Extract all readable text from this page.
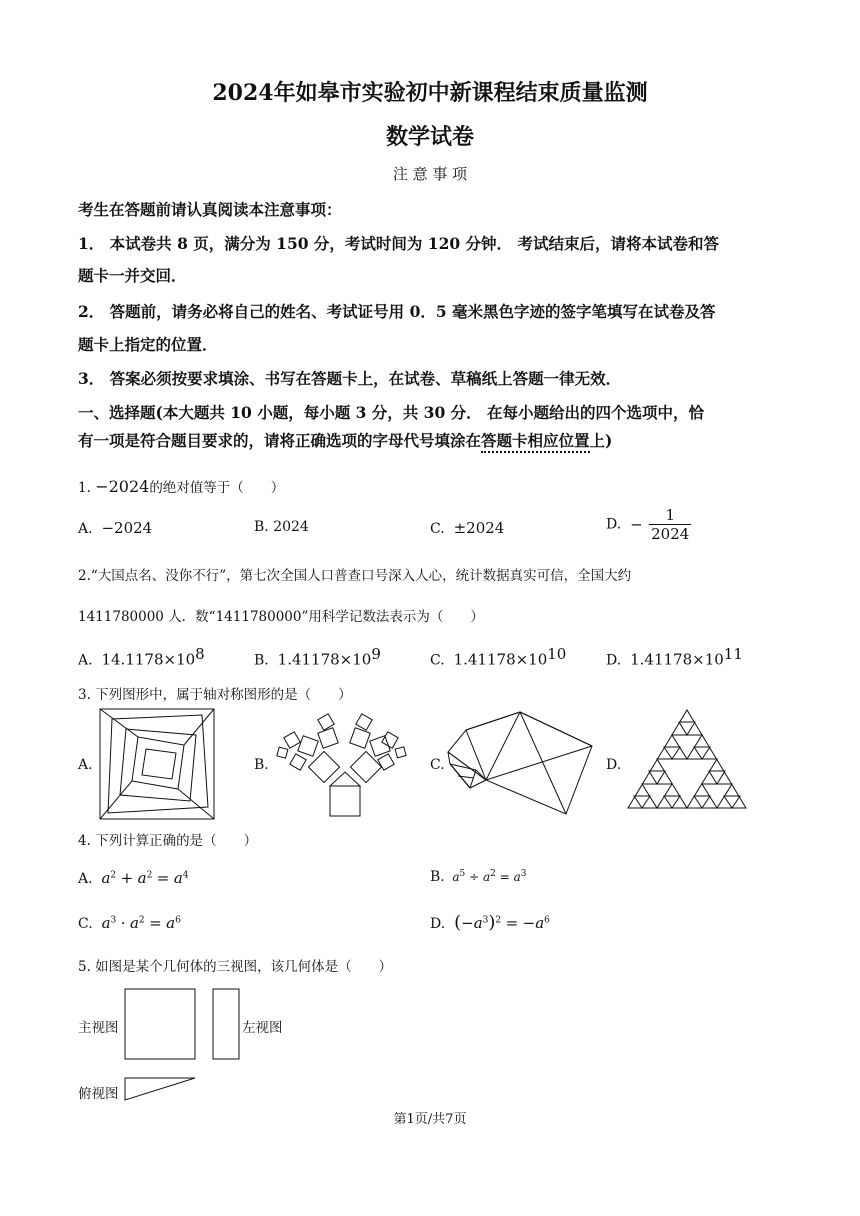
2024年如皋市实验初中新课程结束质量监测
数学试卷
注 意 事 项
考生在答题前请认真阅读本注意事项：
1． 本试卷共 8 页，满分为 150 分，考试时间为 120 分钟． 考试结束后，请将本试卷和答
题卡一并交回．
2． 答题前，请务必将自己的姓名、考试证号用 0．5 毫米黑色字迹的签字笔填写在试卷及答
题卡上指定的位置．
3． 答案必须按要求填涂、书写在答题卡上，在试卷、草稿纸上答题一律无效．
一、选择题(本大题共 10 小题，每小题 3 分，共 30 分． 在每小题给出的四个选项中，恰
有一项是符合题目要求的，请将正确选项的字母代号填涂在答题卡相应位置上)
1. −2024的绝对值等于（　　）
A. −2024	B. 2024	C. ±2024	D. − $\frac{1}{2024}$
2.“大国点名、没你不行”，第七次全国人口普查口号深入人心，统计数据真实可信，全国大约
1411780000 人．数“1411780000”用科学记数法表示为（　　）
A. $14.1178\times 10^8$	B. $1.41178\times 10^9$	C. $1.41178\times 10^{10}$	D. $1.41178\times 10^{11}$
3. 下列图形中，属于轴对称图形的是（　　）
A.	B.	C.	D.
4. 下列计算正确的是（　　）
A. $a^2 + a^2 = a^4$	B. $a^5 \div a^2 = a^3$
C. $a^3 \cdot a^2 = a^6$	D. $(-a^3)^2 = -a^6$
5. 如图是某个几何体的三视图，该几何体是（　　）
主视图	左视图
俯视图
第1页/共7页
